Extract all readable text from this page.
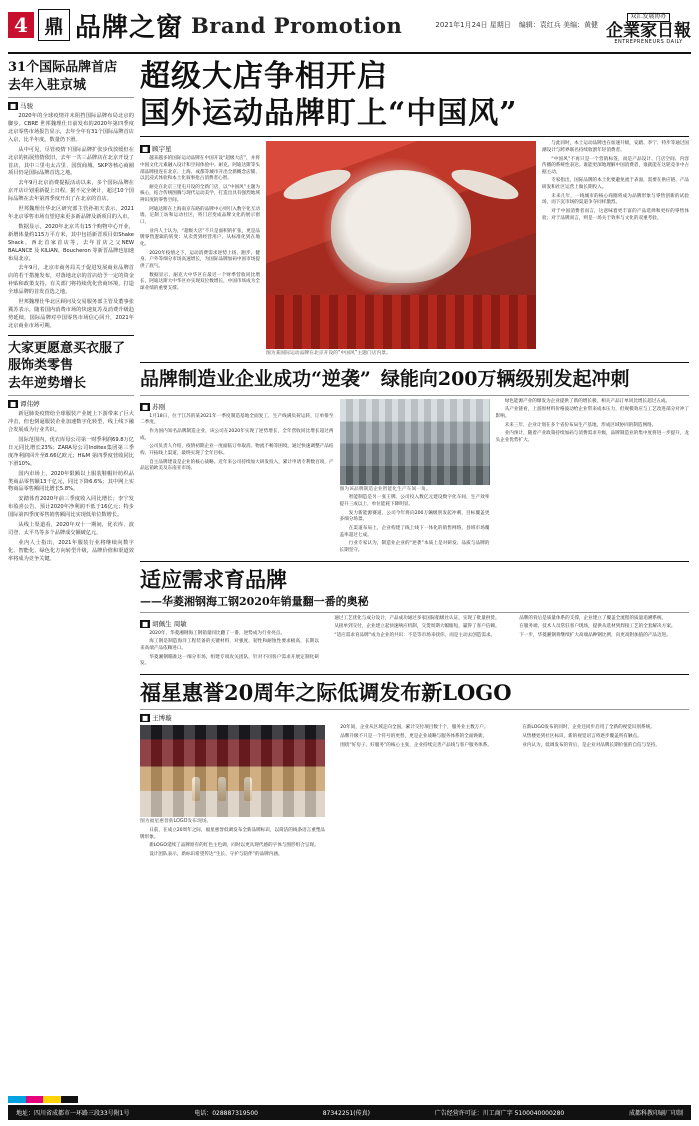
4 鼎 品牌之窗 Brand Promotion	2021年1月24日 星期日 编辑：袁红兵 美编：黄健
双汇发展协办
企業家日報
ENTREPRENEURS DAILY
31个国际品牌首店
去年入驻京城
■ 马骏

2020年的全球疫情并未阻挡国际品牌布局北京的脚步。CBRE 世邦魏理仕日前发布的2020年第四季度北京零售市场报告显示，去年全年有31个国际品牌首店入京，比半年度。数量仍下滑。

从中可见，尽管疫情下国际品牌扩张步伐放缓但在北京的拓展热情依旧，去年一共三品牌店在北京开设了首店，其中三里屯太古里、国贸商城、SKP等核心商圈项目仍是国际品牌首选之地。

去年9月北京消费提振活动以来，多个国际品牌在京开店计划重新提上日程，据不完全统计，超过10个国际品牌在去年第四季度开出了在北京的首店。

世邦魏理仕华北区研究部主管孙祖天表示，2021年北京零售市场有望迎来更多新品牌及新项目的入市。

数据显示，2020年北京共有15个购物中心开业，新增体量约115万平方米，其中包括新晋项目如Shake Shack、西北首家首店等，去年首店之父NEW BALANCE 及 KILIAN、Boucheron 等新晋品牌也加速布局北京。

去年9月，北京市商务局关于促进发展商业品牌首店的若干措施发布，对落地北京的首店给予一定的资金补贴和政策支持。有关部门将持续优化营商环境，打造全球品牌的首发首选之地。

世邦魏理仕华北区顾问及交易服务部主管及董事张冀苏表示，随着国内消费市场的快速复苏及消费升级趋势延续，国际品牌对中国零售市场信心回升，2021年北京商业市场可期。

大家更愿意买衣服了
服饰类零售
去年逆势增长
■ 谭伟婷

新冠肺炎疫情给全球服装产业链上下游带来了巨大冲击，但也倒逼服装企业加速数字化转型，线上线下融合发展成为行业共识。

国际范围内，优衣库母公司第一财季利润69.8万亿日元同比增长23%；ZARA母公司Inditex集团第三季度净利润回升至8.66亿欧元；H&M 第四季度营收同比下滑10%。

国内市场上，2020年限额以上服装鞋帽针纺织品类商品零售额13千亿元，同比下降6.6%；其中网上实物商品零售额同比增长5.8%。

安踏体育2020年前三季度收入同比增长；李宁发布盈喜公告，预计2020年净利润不低于16亿元；特步国际第四季度零售销售额同比实现低单位数增长。

从线上渠道看，2020年双十一期间，优衣库、波司登、太平鸟等多个品牌成交额破亿元。

业内人士指出，2021年服装行业将继续向数字化、智能化、绿色化方向转型升级，品牌价值和渠道效率将成为竞争关键。

超级大店争相开启
国外运动品牌盯上“中国风”
■ 顾宇星

越来越多的国际运动品牌在中国开设“超级大店”，并将中国文化元素融入设计和空间体验中。耐克、阿迪达斯等头部品牌接连在北京、上海、成都等城市开出全新概念店铺，以沉浸式体验和本土化叙事抢占消费者心智。

耐克在北京三里屯开设的全新门店，以“中国风”主题为核心，结合传统图腾与现代运动美学，打造出具有强烈地域辨识度的零售空间。

阿迪达斯在上海南京东路的品牌中心则引入数字化互动墙、定制工坊和运动社区，将门店变成品牌文化的展示窗口。

业内人士认为，“超级大店”不只是面积的扩张，更是品牌零售逻辑的转变：从卖货到经营用户、从标准化到在地化。

2020年疫情之下，运动消费需求逆势上扬，跑步、健身、户外等细分市场高速增长，为国际品牌加码中国市场提供了底气。

数据显示，耐克大中华区在最近一个财季营收同比增长，阿迪达斯大中华区亦实现双位数增长，中国市场成为全球业绩的重要支撑。

图为某国际运动品牌在北京开设的“中国风”主题门店内景。

与此同时，本土运动品牌也在加速升级，安踏、李宁、特步等通过国潮设计与跨界联名持续收割年轻消费者。

“中国风”不再只是一个营销标签，而是产品设计、门店空间、内容传播的系统性表达。谁能更深地理解中国消费者，谁就能在这轮竞争中占据主动。

专家指出，国际品牌的本土化要避免流于表面，需要在供应链、产品研发和社区运营上做长期投入。

未来几年，一线城市的核心商圈将成为品牌形象与零售创新的试验场，而下沉市场的渠道争夺同样激烈。

对于中国消费者而言，这意味着更丰富的产品选择和更好的零售体验；对于品牌而言，则是一场关于效率与文化的双重考验。

品牌制造业企业成功“逆袭” 绿能向200万辆级别发起冲刺
■ 苏刚

1月18日，位于江苏的某2021年一季度制造基地全面复工，生产线满负荷运转，订单排至二季度。

作为国内知名品牌制造企业，该公司在2020年实现了逆势增长，全年营收同比增长超过两成。

公司负责人介绍，疫情初期企业一度面临订单取消、物流不畅等困境，通过快速调整产品结构、开拓线上渠道，最终实现了全年目标。

自主品牌建设是企业的核心战略。近年来公司持续加大研发投入，累计申请专利数百项，产品远销欧美及东南亚市场。

图为该品牌制造企业智能化生产车间一角。

智能制造是另一张王牌。公司投入数亿元建设数字化车间，生产效率提升三成以上，单位能耗下降明显。

发力新能源赛道，公司今年将向200万辆级别发起冲刺，目标覆盖更多细分场景。

在渠道布局上，企业构建了线上线下一体化的销售网络，县域市场覆盖率超过七成。

行业专家认为，制造业企业的“逆袭”本质上是对研发、品质与品牌的长期坚守。

绿色能源产业的爆发为企业提供了新的增长极，相关产品订单同比增长超过五成。

从产业链看，上游原材料价格波动给企业带来成本压力，但规模效应与工艺改进部分对冲了影响。

未来三年，企业计划在多个省份布局生产基地，形成区域协同的制造网络。

业内预计，随着产业政策持续加码与消费需求升级，品牌制造业的集中度将进一步提升，龙头企业优势扩大。

适应需求育品牌
——华菱湘钢海工钢2020年销量翻一番的奥秘
■ 胡佩生 周敏

2020年，华菱湘钢海工钢销量同比翻了一番，逆势成为行业亮点。

海工钢是制造海洋工程装备的关键材料，对强度、韧性和耐蚀性要求极高，长期以来高端产品依赖进口。

华菱湘钢瞄准这一细分市场，组建专项攻关团队，针对不同客户需求开展定制化研发。

通过工艺优化与成分设计，产品成功通过多家国际船级社认证，实现了批量供货。

从接单到交付，企业建立起快速响应机制，交货周期大幅缩短，赢得了客户信赖。

“适应需求育品牌”成为企业的共识：不是等市场来找你，而是主动去创造需求。

品牌的背后是质量体系的支撑，企业建立了覆盖全流程的质量追溯系统。

在服务端，技术人员常驻客户现场，提供从选材到焊接工艺的全套解决方案。

下一步，华菱湘钢将继续扩大高端品种钢比例，向更高附加值的产品迈进。

福星惠誉20周年之际低调发布新LOGO
■ 王博璇
图为福星惠誉新LOGO发布现场。

日前，在成立20周年之际，福星惠誉低调发布全新品牌标识，以简洁的线条语言重塑品牌形象。

新LOGO延续了品牌原有的红色主色调，同时以更具现代感的字体与图形组合呈现。

设计团队表示，新标识希望传达“生长、守护与陪伴”的品牌内涵。

20年间，企业从区域走向全国，累计交付项目数十个，服务业主数万户。

品牌升级不只是一个符号的更替，更是企业战略与服务体系的全面焕新。

围绕“好房子、好服务”的核心主张，企业持续完善产品线与客户服务体系。

在新LOGO发布的同时，企业还同步启用了全新的视觉识别系统。

从售楼处到社区标识，新的视觉语言将逐步覆盖所有触点。

业内认为，低调发布的背后，是企业对品牌长期价值的自信与坚持。

地址：四川省成都市一环路三段33号附1号	电话：028887319500	87342251(传真)	广告经营许可证：川工商广字 5100040000280	成都科教印刷厂印制
